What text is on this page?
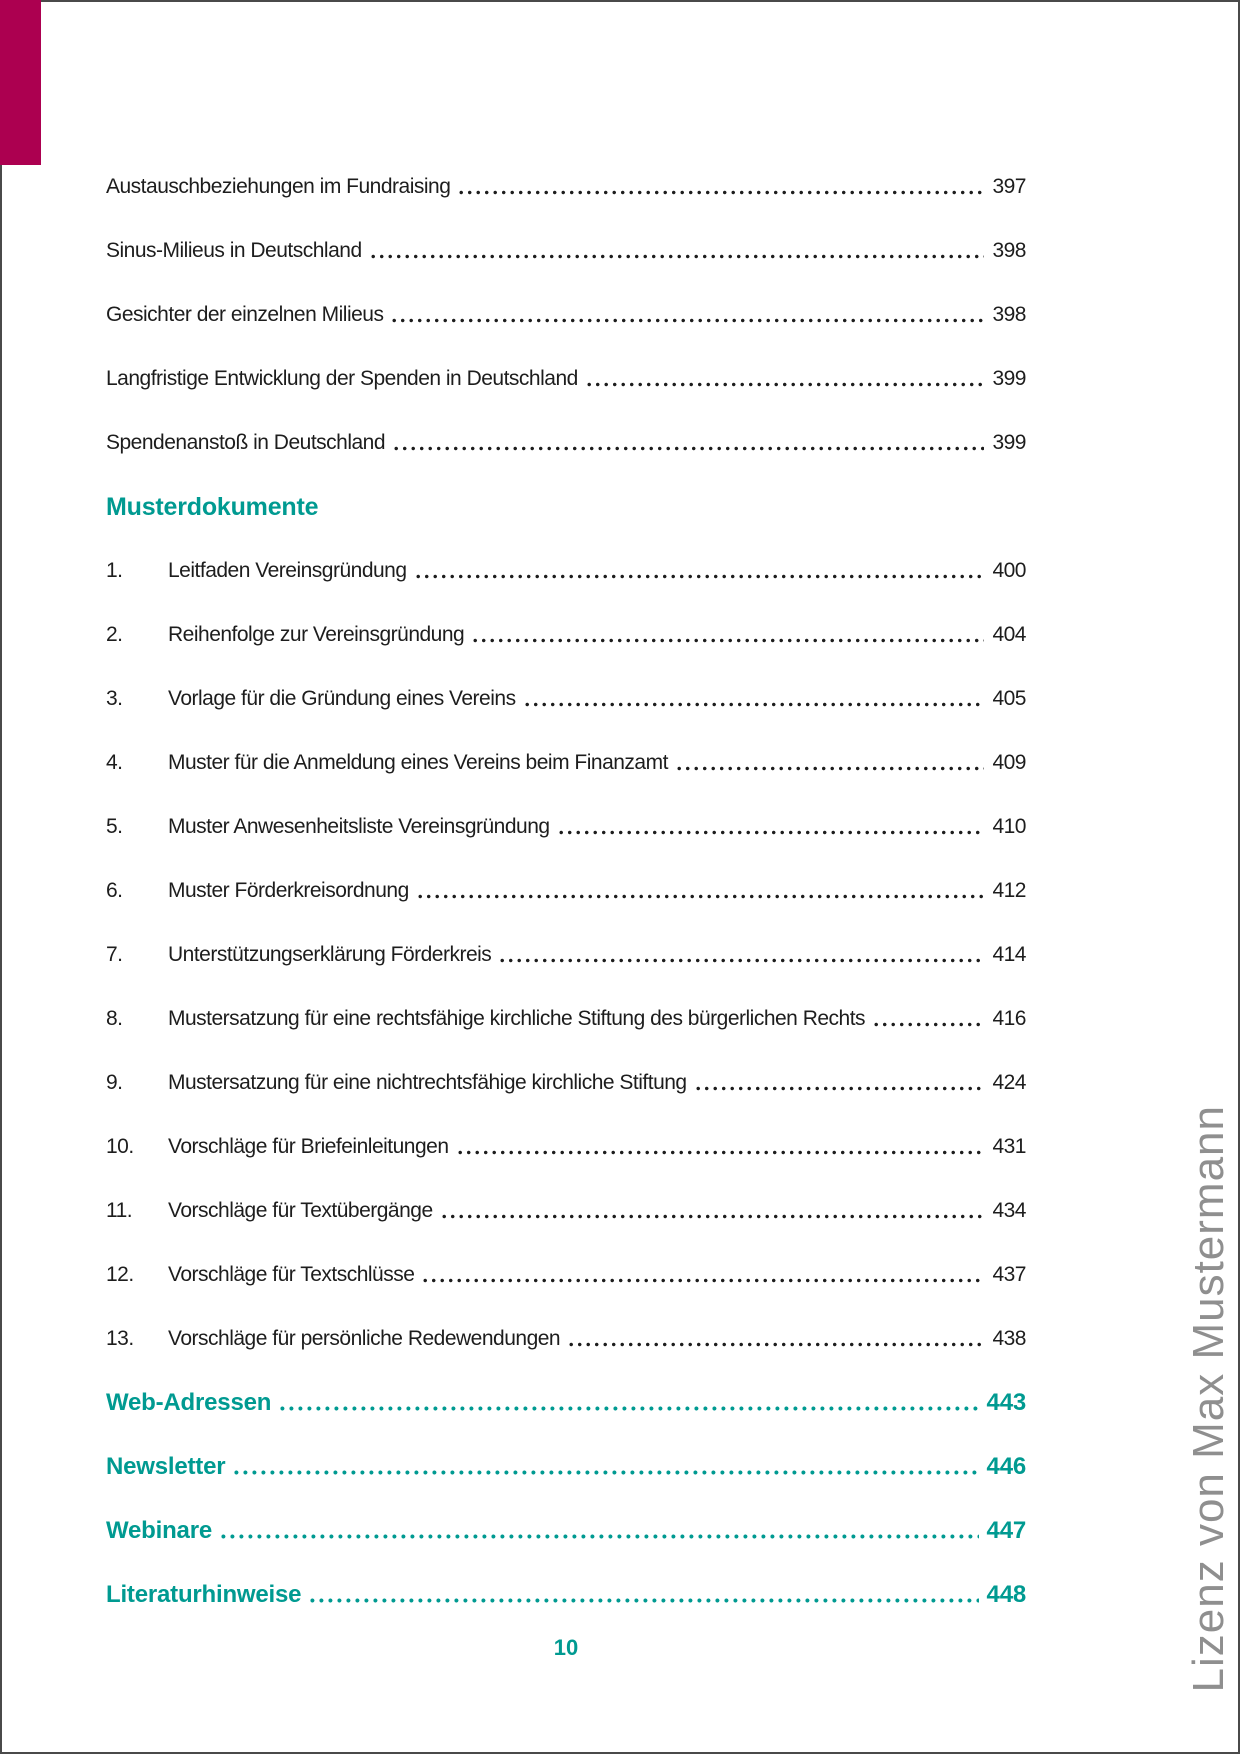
Austauschbeziehungen im Fundraising	397
Sinus-Milieus in Deutschland	398
Gesichter der einzelnen Milieus	398
Langfristige Entwicklung der Spenden in Deutschland	399
Spendenanstoß in Deutschland	399
Musterdokumente
1.	Leitfaden Vereinsgründung	400
2.	Reihenfolge zur Vereinsgründung	404
3.	Vorlage für die Gründung eines Vereins	405
4.	Muster für die Anmeldung eines Vereins beim Finanzamt	409
5.	Muster Anwesenheitsliste Vereinsgründung	410
6.	Muster Förderkreisordnung	412
7.	Unterstützungserklärung Förderkreis	414
8.	Mustersatzung für eine rechtsfähige kirchliche Stiftung des bürgerlichen Rechts	416
9.	Mustersatzung für eine nichtrechtsfähige kirchliche Stiftung	424
10.	Vorschläge für Briefeinleitungen	431
11.	Vorschläge für Textübergänge	434
12.	Vorschläge für Textschlüsse	437
13.	Vorschläge für persönliche Redewendungen	438
Web-Adressen	443
Newsletter	446
Webinare	447
Literaturhinweise	448
10	Lizenz von Max Mustermann
